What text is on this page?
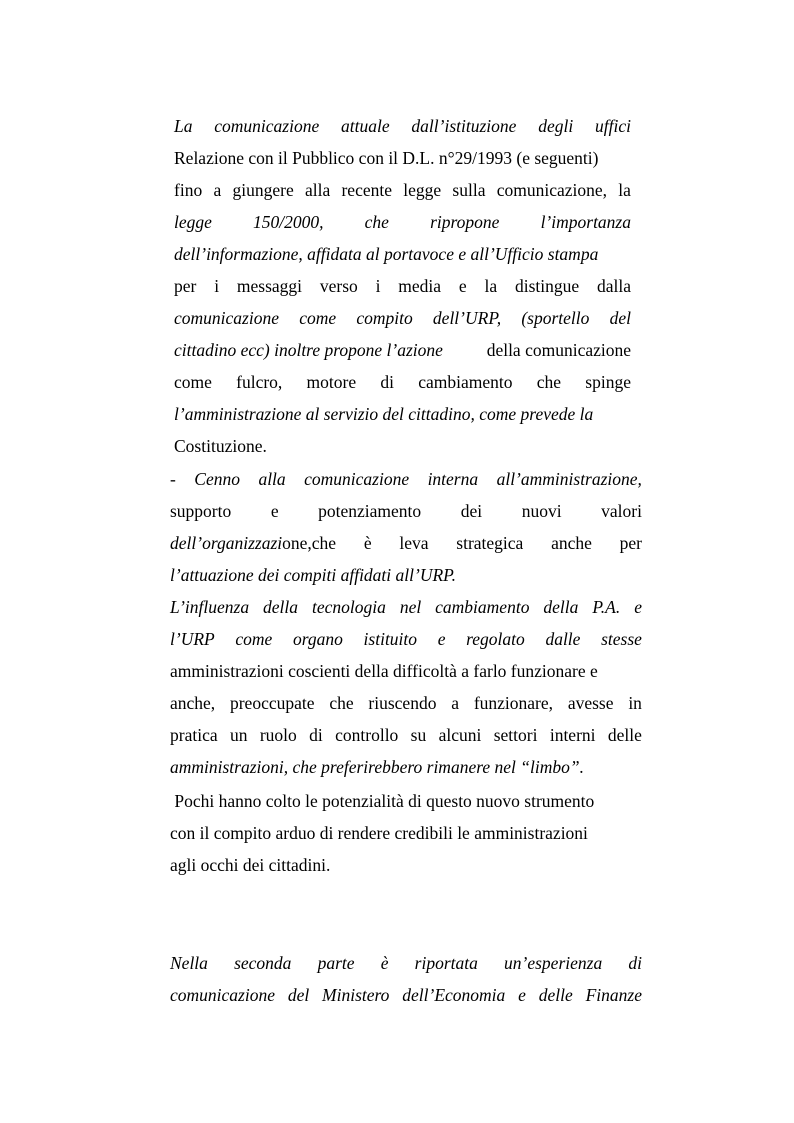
La comunicazione attuale dall’istituzione degli uffici
Relazione con il Pubblico con il D.L. n°29/1993 (e seguenti)
fino a giungere alla recente legge sulla comunicazione, la
legge 150/2000, che ripropone l’importanza
dell’informazione, affidata al portavoce e all’Ufficio stampa
per i messaggi verso i media e la distingue dalla
comunicazione come compito dell’URP, (sportello del
cittadino ecc) inoltre propone l’azione	della comunicazione
come fulcro, motore di cambiamento che spinge
l’amministrazione al servizio del cittadino, come prevede la
Costituzione.
- Cenno alla comunicazione interna all’amministrazione,
supporto e potenziamento dei nuovi valori
dell’organizzazione,che è leva strategica anche per
l’attuazione dei compiti affidati all’URP.
L’influenza della tecnologia nel cambiamento della P.A. e
l’URP come organo istituito e regolato dalle stesse
amministrazioni coscienti della difficoltà a farlo funzionare e
anche, preoccupate che riuscendo a funzionare, avesse in
pratica un ruolo di controllo su alcuni settori interni delle
amministrazioni, che preferirebbero rimanere nel “limbo”.
Pochi hanno colto le potenzialità di questo nuovo strumento
con il compito arduo di rendere credibili le amministrazioni
agli occhi dei cittadini.
Nella seconda parte è riportata un’esperienza di
comunicazione del Ministero dell’Economia e delle Finanze
